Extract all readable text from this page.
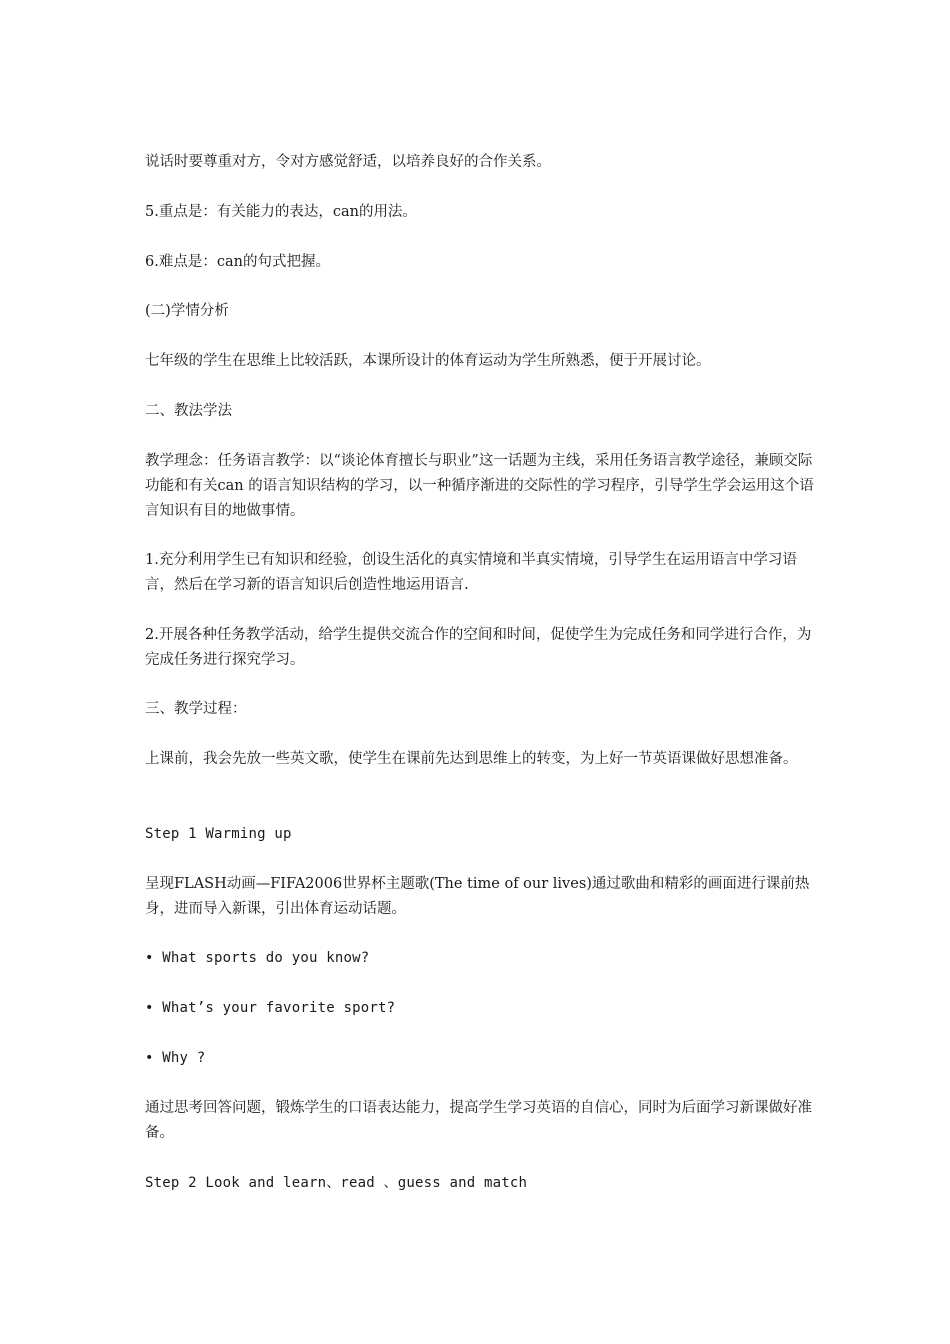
说话时要尊重对方，令对方感觉舒适，以培养良好的合作关系。

5.重点是：有关能力的表达，can的用法。

6.难点是：can的句式把握。

(二)学情分析

七年级的学生在思维上比较活跃，本课所设计的体育运动为学生所熟悉，便于开展讨论。

二、教法学法

教学理念：任务语言教学：以“谈论体育擅长与职业”这一话题为主线，采用任务语言教学途径，兼顾交际功能和有关can 的语言知识结构的学习，以一种循序渐进的交际性的学习程序，引导学生学会运用这个语言知识有目的地做事情。

1.充分利用学生已有知识和经验，创设生活化的真实情境和半真实情境，引导学生在运用语言中学习语言，然后在学习新的语言知识后创造性地运用语言.

2.开展各种任务教学活动，给学生提供交流合作的空间和时间，促使学生为完成任务和同学进行合作，为完成任务进行探究学习。

三、教学过程：

上课前，我会先放一些英文歌，使学生在课前先达到思维上的转变，为上好一节英语课做好思想准备。

Step 1 Warming up

呈现FLASH动画—FIFA2006世界杯主题歌(The time of our lives)通过歌曲和精彩的画面进行课前热身，进而导入新课，引出体育运动话题。

• What sports do you know?

• What’s your favorite sport?

• Why ?

通过思考回答问题，锻炼学生的口语表达能力，提高学生学习英语的自信心，同时为后面学习新课做好准备。

Step 2 Look and learn、read 、guess and match
